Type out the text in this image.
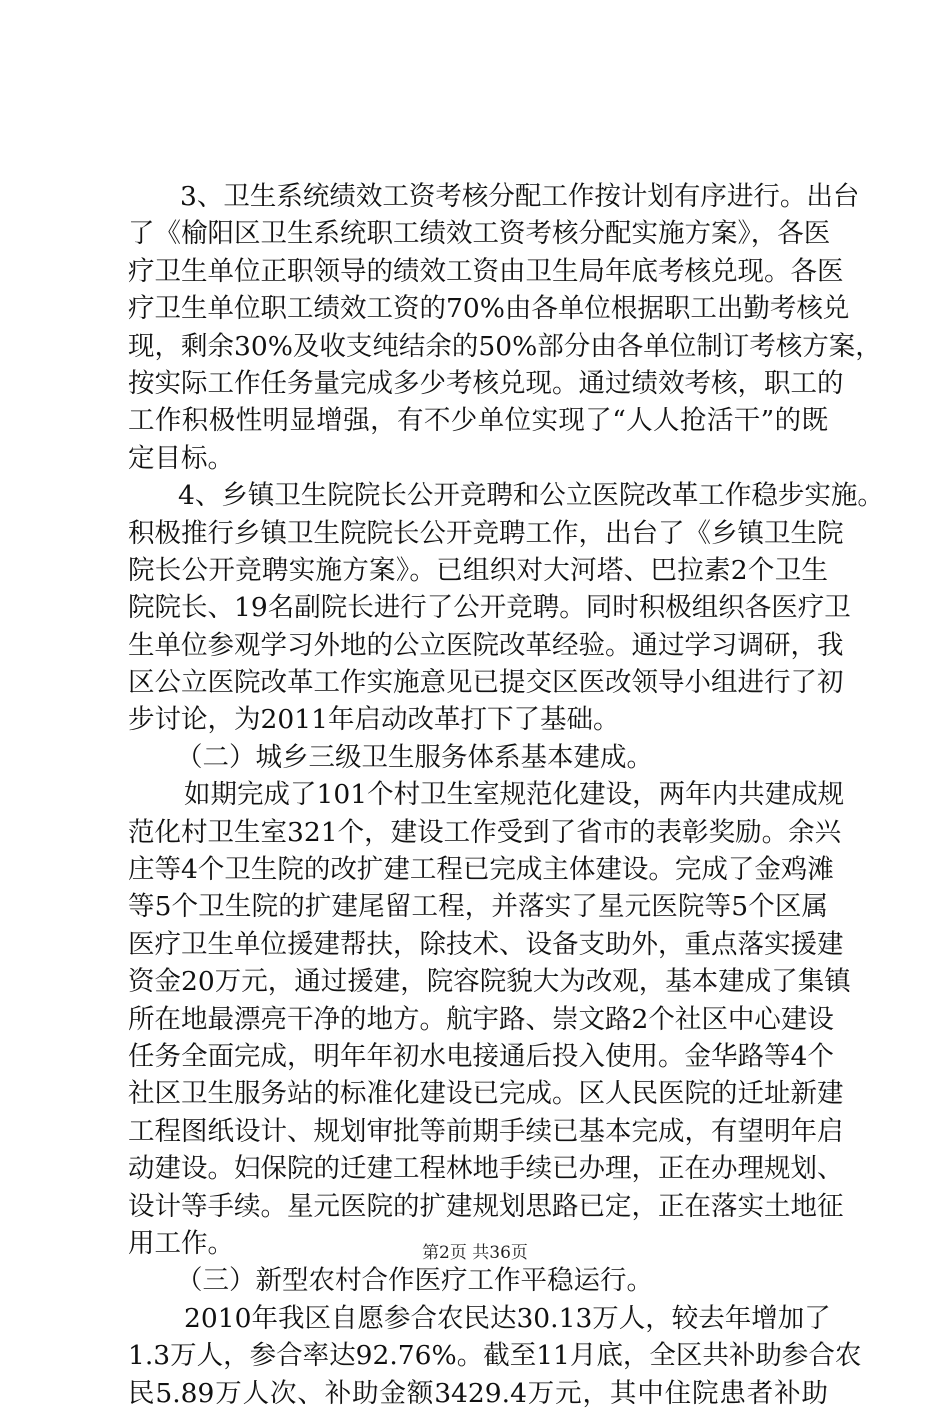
3、卫生系统绩效工资考核分配工作按计划有序进行。出台
了《榆阳区卫生系统职工绩效工资考核分配实施方案》，各医
疗卫生单位正职领导的绩效工资由卫生局年底考核兑现。各医
疗卫生单位职工绩效工资的70%由各单位根据职工出勤考核兑
现，剩余30%及收支纯结余的50%部分由各单位制订考核方案，
按实际工作任务量完成多少考核兑现。通过绩效考核，职工的
工作积极性明显增强，有不少单位实现了“人人抢活干”的既
定目标。
4、乡镇卫生院院长公开竞聘和公立医院改革工作稳步实施。
积极推行乡镇卫生院院长公开竞聘工作，出台了《乡镇卫生院
院长公开竞聘实施方案》。已组织对大河塔、巴拉素2个卫生
院院长、19名副院长进行了公开竞聘。同时积极组织各医疗卫
生单位参观学习外地的公立医院改革经验。通过学习调研，我
区公立医院改革工作实施意见已提交区医改领导小组进行了初
步讨论，为2011年启动改革打下了基础。
（二）城乡三级卫生服务体系基本建成。
如期完成了101个村卫生室规范化建设，两年内共建成规
范化村卫生室321个，建设工作受到了省市的表彰奖励。余兴
庄等4个卫生院的改扩建工程已完成主体建设。完成了金鸡滩
等5个卫生院的扩建尾留工程，并落实了星元医院等5个区属
医疗卫生单位援建帮扶，除技术、设备支助外，重点落实援建
资金20万元，通过援建，院容院貌大为改观，基本建成了集镇
所在地最漂亮干净的地方。航宇路、崇文路2个社区中心建设
任务全面完成，明年年初水电接通后投入使用。金华路等4个
社区卫生服务站的标准化建设已完成。区人民医院的迁址新建
工程图纸设计、规划审批等前期手续已基本完成，有望明年启
动建设。妇保院的迁建工程林地手续已办理，正在办理规划、
设计等手续。星元医院的扩建规划思路已定，正在落实土地征
用工作。
（三）新型农村合作医疗工作平稳运行。
2010年我区自愿参合农民达30.13万人，较去年增加了
1.3万人，参合率达92.76%。截至11月底，全区共补助参合农
民5.89万人次、补助金额3429.4万元，其中住院患者补助
第2页 共36页
